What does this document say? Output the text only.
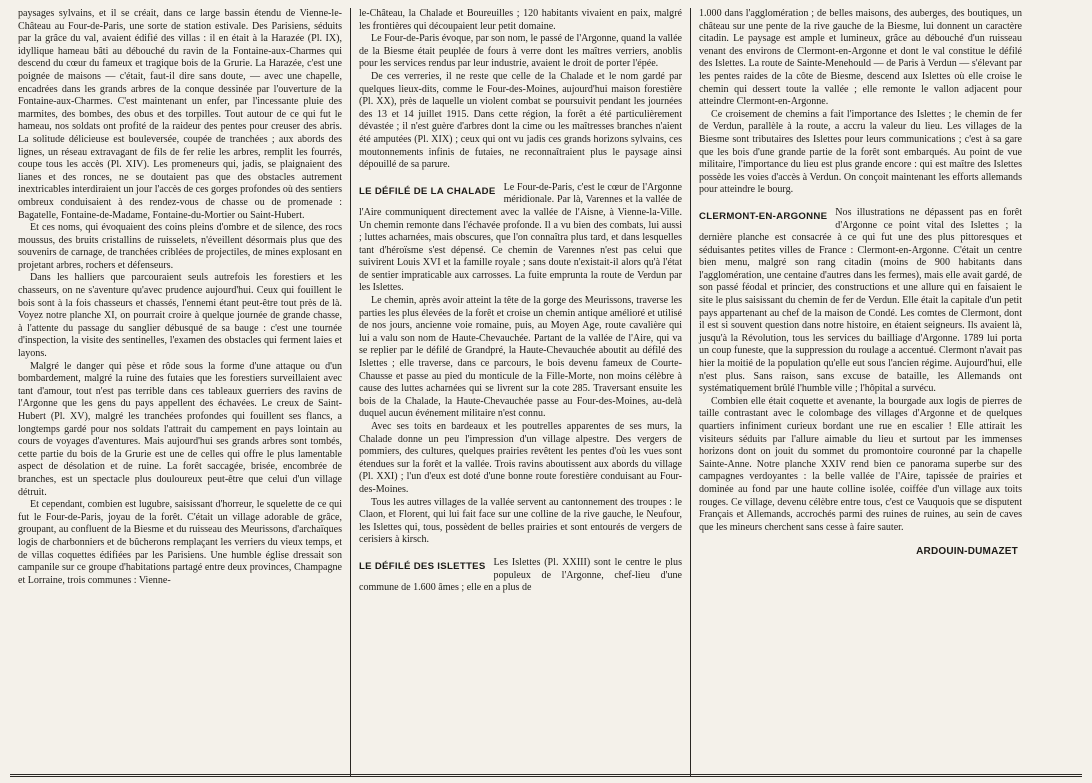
paysages sylvains, et il se créait, dans ce large bassin étendu de Vienne-le-Château au Four-de-Paris, une sorte de station estivale. Des Parisiens, séduits par la grâce du val, avaient édifié des villas : il en était à la Harazée (Pl. IX), idyllique hameau bâti au débouché du ravin de la Fontaine-aux-Charmes qui descend du cœur du fameux et tragique bois de la Grurie. La Harazée, c'est une poignée de maisons — c'était, faut-il dire sans doute, — avec une chapelle, encadrées dans les grands arbres de la conque dessinée par l'ouverture de la Fontaine-aux-Charmes. C'est maintenant un enfer, par l'incessante pluie des marmites, des bombes, des obus et des torpilles. Tout autour de ce qui fut le hameau, nos soldats ont profité de la raideur des pentes pour creuser des abris. La solitude délicieuse est bouleversée, coupée de tranchées ; aux abords des lignes, un réseau extravagant de fils de fer relie les arbres, remplit les fourrés, coupe tous les accès (Pl. XIV). Les promeneurs qui, jadis, se plaignaient des lianes et des ronces, ne se doutaient pas que des obstacles autrement inextricables interdiraient un jour l'accès de ces gorges profondes où des sentiers ombreux conduisaient à des rendez-vous de chasse ou de promenade : Bagatelle, Fontaine-de-Madame, Fontaine-du-Mortier ou Saint-Hubert.

Et ces noms, qui évoquaient des coins pleins d'ombre et de silence, des rocs moussus, des bruits cristallins de ruisselets, n'éveillent désormais plus que des souvenirs de carnage, de tranchées criblées de projectiles, de mines explosant en projetant arbres, rochers et défenseurs.

Dans les halliers que parcouraient seuls autrefois les forestiers et les chasseurs, on ne s'aventure qu'avec prudence aujourd'hui. Ceux qui fouillent le bois sont à la fois chasseurs et chassés, l'ennemi étant peut-être tout près de là. Voyez notre planche XI, on pourrait croire à quelque journée de grande chasse, à l'attente du passage du sanglier débusqué de sa bauge : c'est une tournée d'inspection, la visite des sentinelles, l'examen des obstacles qui ferment laies et layons.

Malgré le danger qui pèse et rôde sous la forme d'une attaque ou d'un bombardement, malgré la ruine des futaies que les forestiers surveillaient avec tant d'amour, tout n'est pas terrible dans ces tableaux guerriers des ravins de l'Argonne que les gens du pays appellent des échavées. Le creux de Saint-Hubert (Pl. XV), malgré les tranchées profondes qui fouillent ses flancs, a longtemps gardé pour nos soldats l'attrait du campement en pays lointain au cours de voyages d'aventures. Mais aujourd'hui ses grands arbres sont tombés, cette partie du bois de la Grurie est une de celles qui offre le plus lamentable aspect de désolation et de ruine. La forêt saccagée, brisée, encombrée de branches, est un spectacle plus douloureux peut-être que celui d'un village détruit.

Et cependant, combien est lugubre, saisissant d'horreur, le squelette de ce qui fut le Four-de-Paris, joyau de la forêt. C'était un village adorable de grâce, groupant, au confluent de la Biesme et du ruisseau des Meurissons, d'archaïques logis de charbonniers et de bûcherons remplaçant les verriers du vieux temps, et de villas coquettes édifiées par les Parisiens. Une humble église dressait son campanile sur ce groupe d'habitations partagé entre deux provinces, Champagne et Lorraine, trois communes : Vienne-

le-Château, la Chalade et Boureuilles ; 120 habitants vivaient en paix, malgré les frontières qui découpaient leur petit domaine.

Le Four-de-Paris évoque, par son nom, le passé de l'Argonne, quand la vallée de la Biesme était peuplée de fours à verre dont les maîtres verriers, anoblis pour les services rendus par leur industrie, avaient le droit de porter l'épée.

De ces verreries, il ne reste que celle de la Chalade et le nom gardé par quelques lieux-dits, comme le Four-des-Moines, aujourd'hui maison forestière (Pl. XX), près de laquelle un violent combat se poursuivit pendant les journées des 13 et 14 juillet 1915. Dans cette région, la forêt a été particulièrement dévastée ; il n'est guère d'arbres dont la cime ou les maîtresses branches n'aient été amputées (Pl. XIX) ; ceux qui ont vu jadis ces grands horizons sylvains, ces moutonnements infinis de futaies, ne reconnaîtraient plus le paysage ainsi dépouillé de sa parure.

LE DÉFILÉ DE LA CHALADE Le Four-de-Paris, c'est le cœur de l'Argonne méridionale. Par là, Varennes et la vallée de l'Aire communiquent directement avec la vallée de l'Aisne, à Vienne-la-Ville. Un chemin remonte dans l'échavée profonde. Il a vu bien des combats, lui aussi ; luttes acharnées, mais obscures, que l'on connaîtra plus tard, et dans lesquelles tant d'héroïsme s'est dépensé. Ce chemin de Varennes n'est pas celui que suivirent Louis XVI et la famille royale ; sans doute n'existait-il alors qu'à l'état de sentier impraticable aux carrosses. La fuite emprunta la route de Verdun par les Islettes.

Le chemin, après avoir atteint la tête de la gorge des Meurissons, traverse les parties les plus élevées de la forêt et croise un chemin antique amélioré et utilisé de nos jours, ancienne voie romaine, puis, au Moyen Age, route cavalière qui lui a valu son nom de Haute-Chevauchée. Partant de la vallée de l'Aire, qui va se replier par le défilé de Grandpré, la Haute-Chevauchée aboutit au défilé des Islettes ; elle traverse, dans ce parcours, le bois devenu fameux de Courte-Chausse et passe au pied du monticule de la Fille-Morte, non moins célèbre à cause des luttes acharnées qui se livrent sur la cote 285. Traversant ensuite les bois de la Chalade, la Haute-Chevauchée passe au Four-des-Moines, au-delà duquel aucun événement militaire n'est connu.

Avec ses toits en bardeaux et les poutrelles apparentes de ses murs, la Chalade donne un peu l'impression d'un village alpestre. Des vergers de pommiers, des cultures, quelques prairies revêtent les pentes d'où les vues sont étendues sur la forêt et la vallée. Trois ravins aboutissent aux abords du village (Pl. XXI) ; l'un d'eux est doté d'une bonne route forestière conduisant au Four-des-Moines.

Tous les autres villages de la vallée servent au cantonnement des troupes : le Claon, et Florent, qui lui fait face sur une colline de la rive gauche, le Neufour, les Islettes qui, tous, possèdent de belles prairies et sont entourés de vergers de cerisiers à kirsch.

LE DÉFILÉ DES ISLETTES Les Islettes (Pl. XXIII) sont le centre le plus populeux de l'Argonne, chef-lieu d'une commune de 1.600 âmes ; elle en a plus de

1.000 dans l'agglomération ; de belles maisons, des auberges, des boutiques, un château sur une pente de la rive gauche de la Biesme, lui donnent un caractère citadin. Le paysage est ample et lumineux, grâce au débouché d'un ruisseau venant des environs de Clermont-en-Argonne et dont le val constitue le défilé des Islettes. La route de Sainte-Menehould — de Paris à Verdun — s'élevant par les pentes raides de la côte de Biesme, descend aux Islettes où elle croise le chemin qui dessert toute la vallée ; elle remonte le vallon adjacent pour atteindre Clermont-en-Argonne.

Ce croisement de chemins a fait l'importance des Islettes ; le chemin de fer de Verdun, parallèle à la route, a accru la valeur du lieu. Les villages de la Biesme sont tributaires des Islettes pour leurs communications ; c'est à sa gare que les bois d'une grande partie de la forêt sont embarqués. Au point de vue militaire, l'importance du lieu est plus grande encore : qui est maître des Islettes possède les voies d'accès à Verdun. On conçoit maintenant les efforts allemands pour atteindre le bourg.

CLERMONT-EN-ARGONNE Nos illustrations ne dépassent pas en forêt d'Argonne ce point vital des Islettes ; la dernière planche est consacrée à ce qui fut une des plus pittoresques et séduisantes petites villes de France : Clermont-en-Argonne. C'était un centre bien menu, malgré son rang citadin (moins de 900 habitants dans l'agglomération, une centaine d'autres dans les fermes), mais elle avait gardé, de son passé féodal et princier, des constructions et une allure qui en faisaient le site le plus saisissant du chemin de fer de Verdun. Elle était la capitale d'un petit pays appartenant au chef de la maison de Condé. Les comtes de Clermont, dont il est si souvent question dans notre histoire, en étaient seigneurs. Ils avaient là, jusqu'à la Révolution, tous les services du bailliage d'Argonne. 1789 lui porta un coup funeste, que la suppression du roulage a accentué. Clermont n'avait pas hier la moitié de la population qu'elle eut sous l'ancien régime. Aujourd'hui, elle n'est plus. Sans raison, sans excuse de bataille, les Allemands ont systématiquement brûlé l'humble ville ; l'hôpital a survécu.

Combien elle était coquette et avenante, la bourgade aux logis de pierres de taille contrastant avec le colombage des villages d'Argonne et de quelques quartiers infiniment curieux bordant une rue en escalier ! Elle attirait les visiteurs séduits par l'allure aimable du lieu et surtout par les immenses horizons dont on jouit du sommet du promontoire couronné par la chapelle Sainte-Anne. Notre planche XXIV rend bien ce panorama superbe sur des campagnes verdoyantes : la belle vallée de l'Aire, tapissée de prairies et dominée au fond par une haute colline isolée, coiffée d'un village aux toits rouges. Ce village, devenu célèbre entre tous, c'est ce Vauquois que se disputent Français et Allemands, accrochés parmi des ruines de ruines, au sein de caves que les mineurs cherchent sans cesse à faire sauter.

ARDOUIN-DUMAZET
